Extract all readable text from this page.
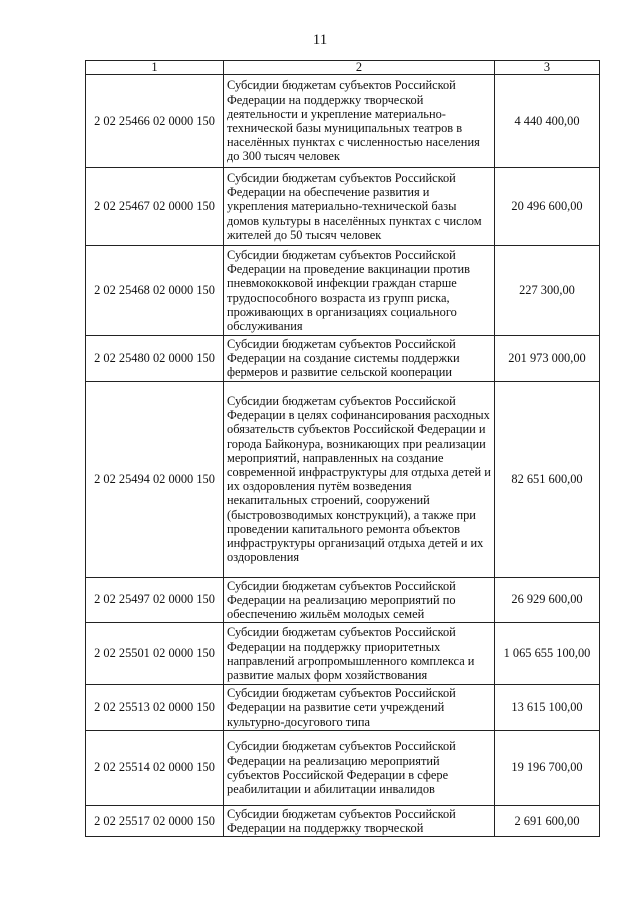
11
1	2	3
2 02 25466 02 0000 150	Субсидии бюджетам субъектов Российской Федерации на поддержку творческой деятельности и укрепление материально-технической базы муниципальных театров в населённых пунктах с численностью населения до 300 тысяч человек	4 440 400,00
2 02 25467 02 0000 150	Субсидии бюджетам субъектов Российской Федерации на обеспечение развития и укрепления материально-технической базы домов культуры в населённых пунктах с числом жителей до 50 тысяч человек	20 496 600,00
2 02 25468 02 0000 150	Субсидии бюджетам субъектов Российской Федерации на проведение вакцинации против пневмококковой инфекции граждан старше трудоспособного возраста из групп риска, проживающих в организациях социального обслуживания	227 300,00
2 02 25480 02 0000 150	Субсидии бюджетам субъектов Российской Федерации на создание системы поддержки фермеров и развитие сельской кооперации	201 973 000,00
2 02 25494 02 0000 150	Субсидии бюджетам субъектов Российской Федерации в целях софинансирования расходных обязательств субъектов Российской Федерации и города Байконура, возникающих при реализации мероприятий, направленных на создание современной инфраструктуры для отдыха детей и их оздоровления путём возведения некапитальных строений, сооружений (быстровозводимых конструкций), а также при проведении капитального ремонта объектов инфраструктуры организаций отдыха детей и их оздоровления	82 651 600,00
2 02 25497 02 0000 150	Субсидии бюджетам субъектов Российской Федерации на реализацию мероприятий по обеспечению жильём молодых семей	26 929 600,00
2 02 25501 02 0000 150	Субсидии бюджетам субъектов Российской Федерации на поддержку приоритетных направлений агропромышленного комплекса и развитие малых форм хозяйствования	1 065 655 100,00
2 02 25513 02 0000 150	Субсидии бюджетам субъектов Российской Федерации на развитие сети учреждений культурно-досугового типа	13 615 100,00
2 02 25514 02 0000 150	Субсидии бюджетам субъектов Российской Федерации на реализацию мероприятий субъектов Российской Федерации в сфере реабилитации и абилитации инвалидов	19 196 700,00
2 02 25517 02 0000 150	Субсидии бюджетам субъектов Российской Федерации на поддержку творческой	2 691 600,00
